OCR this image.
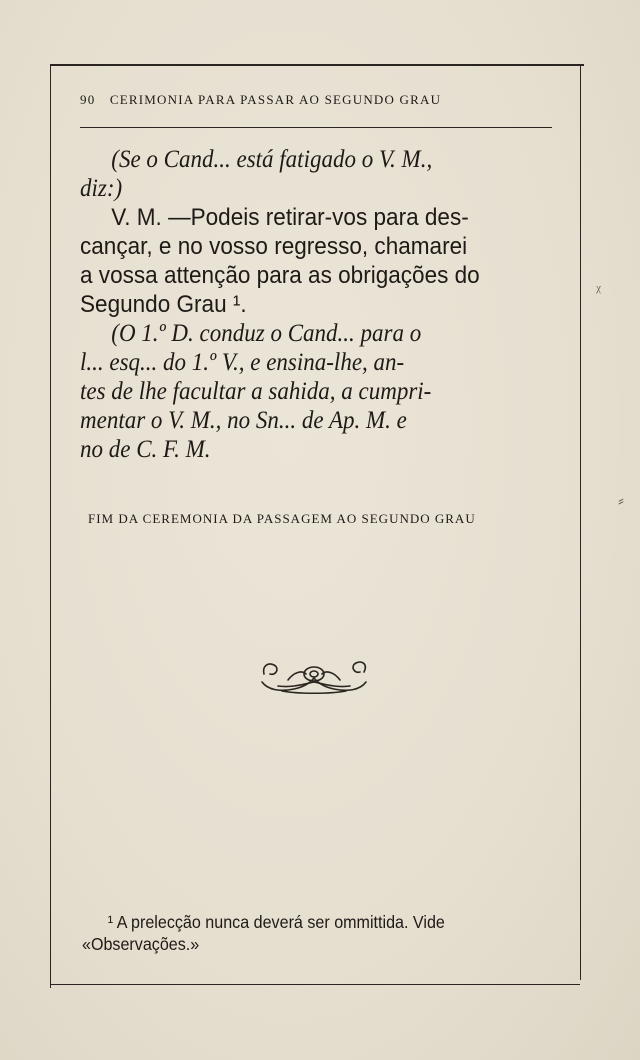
90 CERIMONIA PARA PASSAR AO SEGUNDO GRAU

(Se o Cand... está fatigado o V. M.,
diz:)

V. M. —Podeis retirar-vos para des-
cançar, e no vosso regresso, chamarei
a vossa attenção para as obrigações do
Segundo Grau ¹.

(O 1.º D. conduz o Cand... para o
l... esq... do 1.º V., e ensina-lhe, an-
tes de lhe facultar a sahida, a cumpri-
mentar o V. M., no Sn... de Ap. M. e
no de C. F. M.

FIM DA CEREMONIA DA PASSAGEM AO SEGUNDO GRAU
¹ A prelecção nunca deverá ser ommittida. Vide
«Observações.»
ᵡ
⸗
